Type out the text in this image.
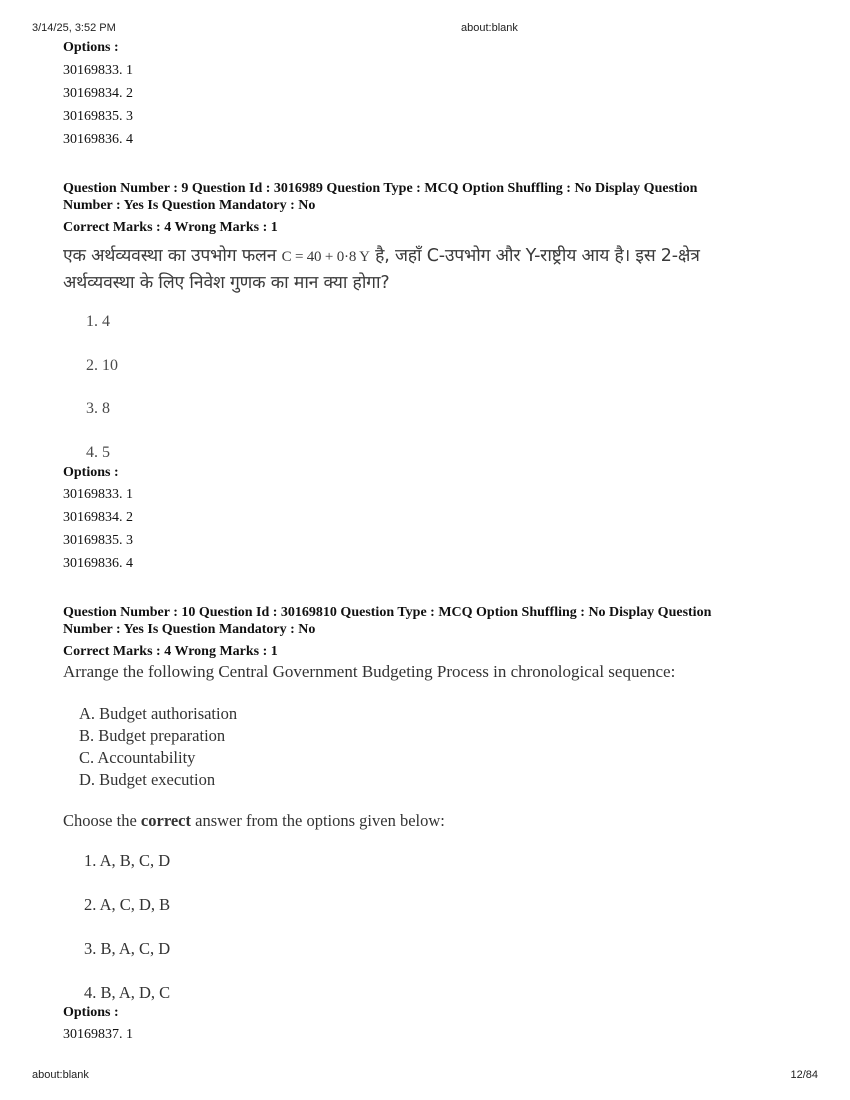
3/14/25, 3:52 PM	about:blank
Options :
30169833. 1
30169834. 2
30169835. 3
30169836. 4
Question Number : 9 Question Id : 3016989 Question Type : MCQ Option Shuffling : No Display Question
Number : Yes Is Question Mandatory : No
Correct Marks : 4 Wrong Marks : 1
एक अर्थव्यवस्था का उपभोग फलन C = 40 + 0·8 Y है, जहाँ C-उपभोग और Y-राष्ट्रीय आय है। इस 2-क्षेत्र
अर्थव्यवस्था के लिए निवेश गुणक का मान क्या होगा?
1. 4
2. 10
3. 8
4. 5
Options :
30169833. 1
30169834. 2
30169835. 3
30169836. 4
Question Number : 10 Question Id : 30169810 Question Type : MCQ Option Shuffling : No Display Question
Number : Yes Is Question Mandatory : No
Correct Marks : 4 Wrong Marks : 1
Arrange the following Central Government Budgeting Process in chronological sequence:
A. Budget authorisation
B. Budget preparation
C. Accountability
D. Budget execution
Choose the correct answer from the options given below:
1. A, B, C, D
2. A, C, D, B
3. B, A, C, D
4. B, A, D, C
Options :
30169837. 1
about:blank	12/84
